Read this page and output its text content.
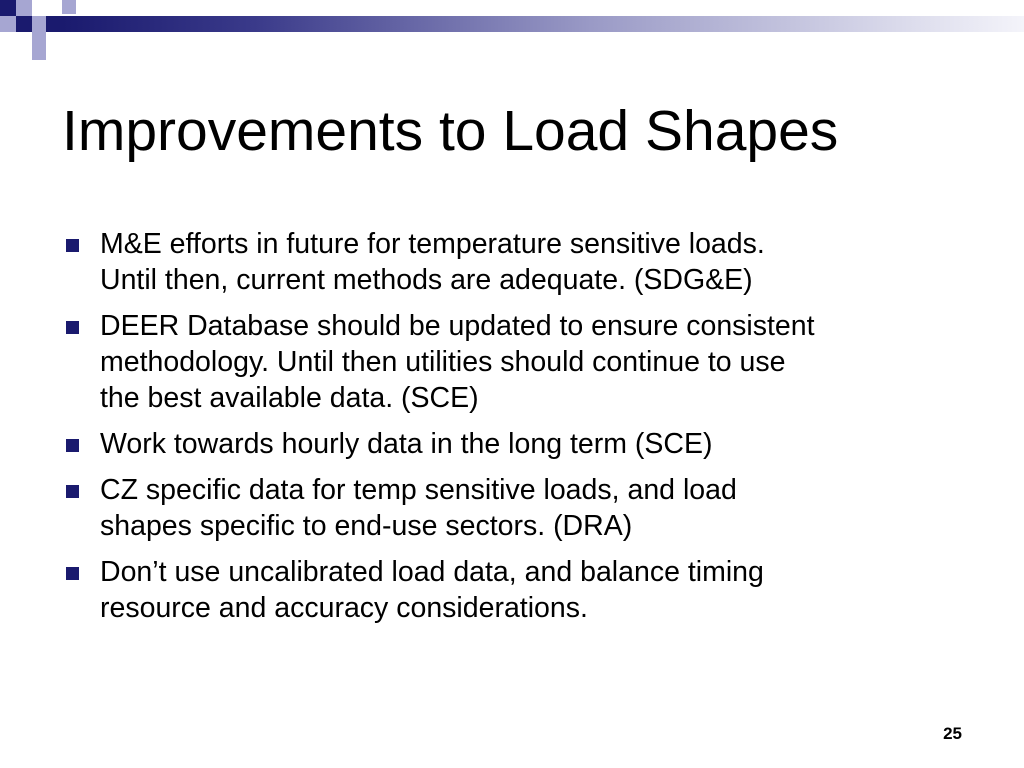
Improvements to Load Shapes
M&E efforts in future for temperature sensitive loads.
Until then, current methods are adequate. (SDG&E)
DEER Database should be updated to ensure consistent
methodology. Until then utilities should continue to use
the best available data. (SCE)
Work towards hourly data in the long term (SCE)
CZ specific data for temp sensitive loads, and load
shapes specific to end-use sectors. (DRA)
Don’t use uncalibrated load data, and balance timing
resource and accuracy considerations.
25
